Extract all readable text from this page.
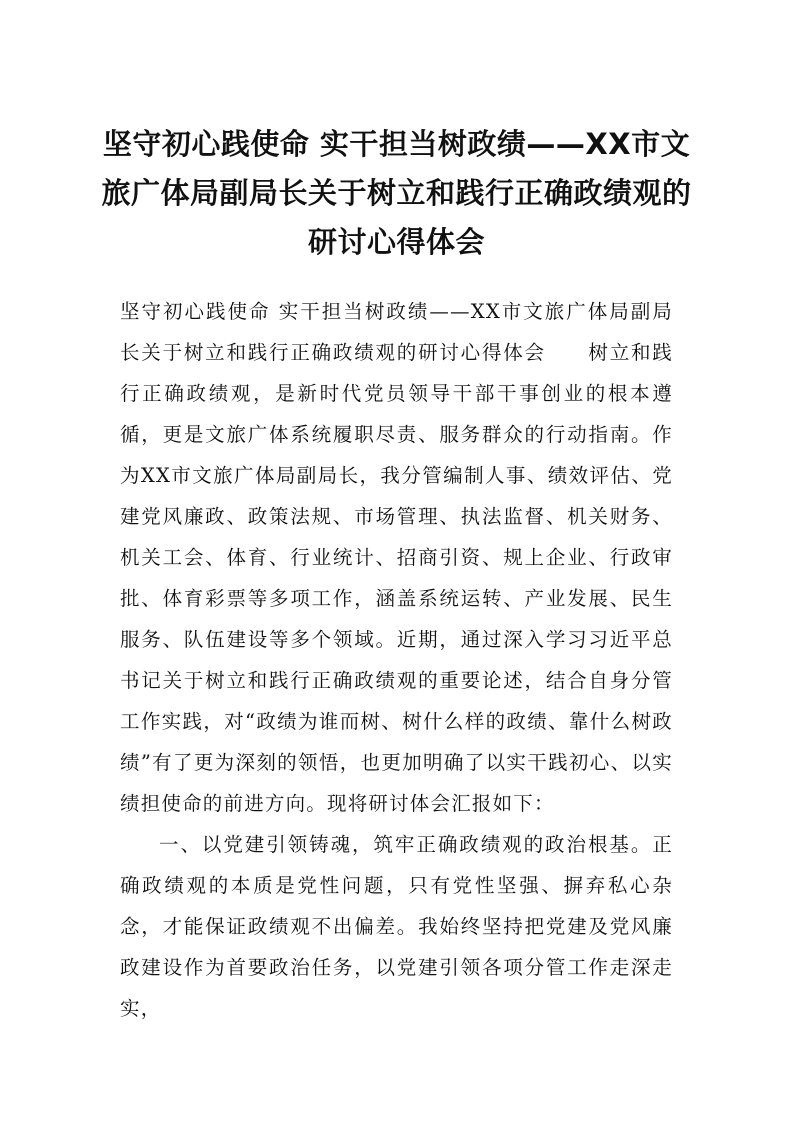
坚守初心践使命 实干担当树政绩——XX市文旅广体局副局长关于树立和践行正确政绩观的研讨心得体会

坚守初心践使命 实干担当树政绩——XX市文旅广体局副局长关于树立和践行正确政绩观的研讨心得体会　　树立和践行正确政绩观，是新时代党员领导干部干事创业的根本遵循，更是文旅广体系统履职尽责、服务群众的行动指南。作为XX市文旅广体局副局长，我分管编制人事、绩效评估、党建党风廉政、政策法规、市场管理、执法监督、机关财务、机关工会、体育、行业统计、招商引资、规上企业、行政审批、体育彩票等多项工作，涵盖系统运转、产业发展、民生服务、队伍建设等多个领域。近期，通过深入学习习近平总书记关于树立和践行正确政绩观的重要论述，结合自身分管工作实践，对“政绩为谁而树、树什么样的政绩、靠什么树政绩”有了更为深刻的领悟，也更加明确了以实干践初心、以实绩担使命的前进方向。现将研讨体会汇报如下：

一、以党建引领铸魂，筑牢正确政绩观的政治根基。正确政绩观的本质是党性问题，只有党性坚强、摒弃私心杂念，才能保证政绩观不出偏差。我始终坚持把党建及党风廉政建设作为首要政治任务，以党建引领各项分管工作走深走实，
